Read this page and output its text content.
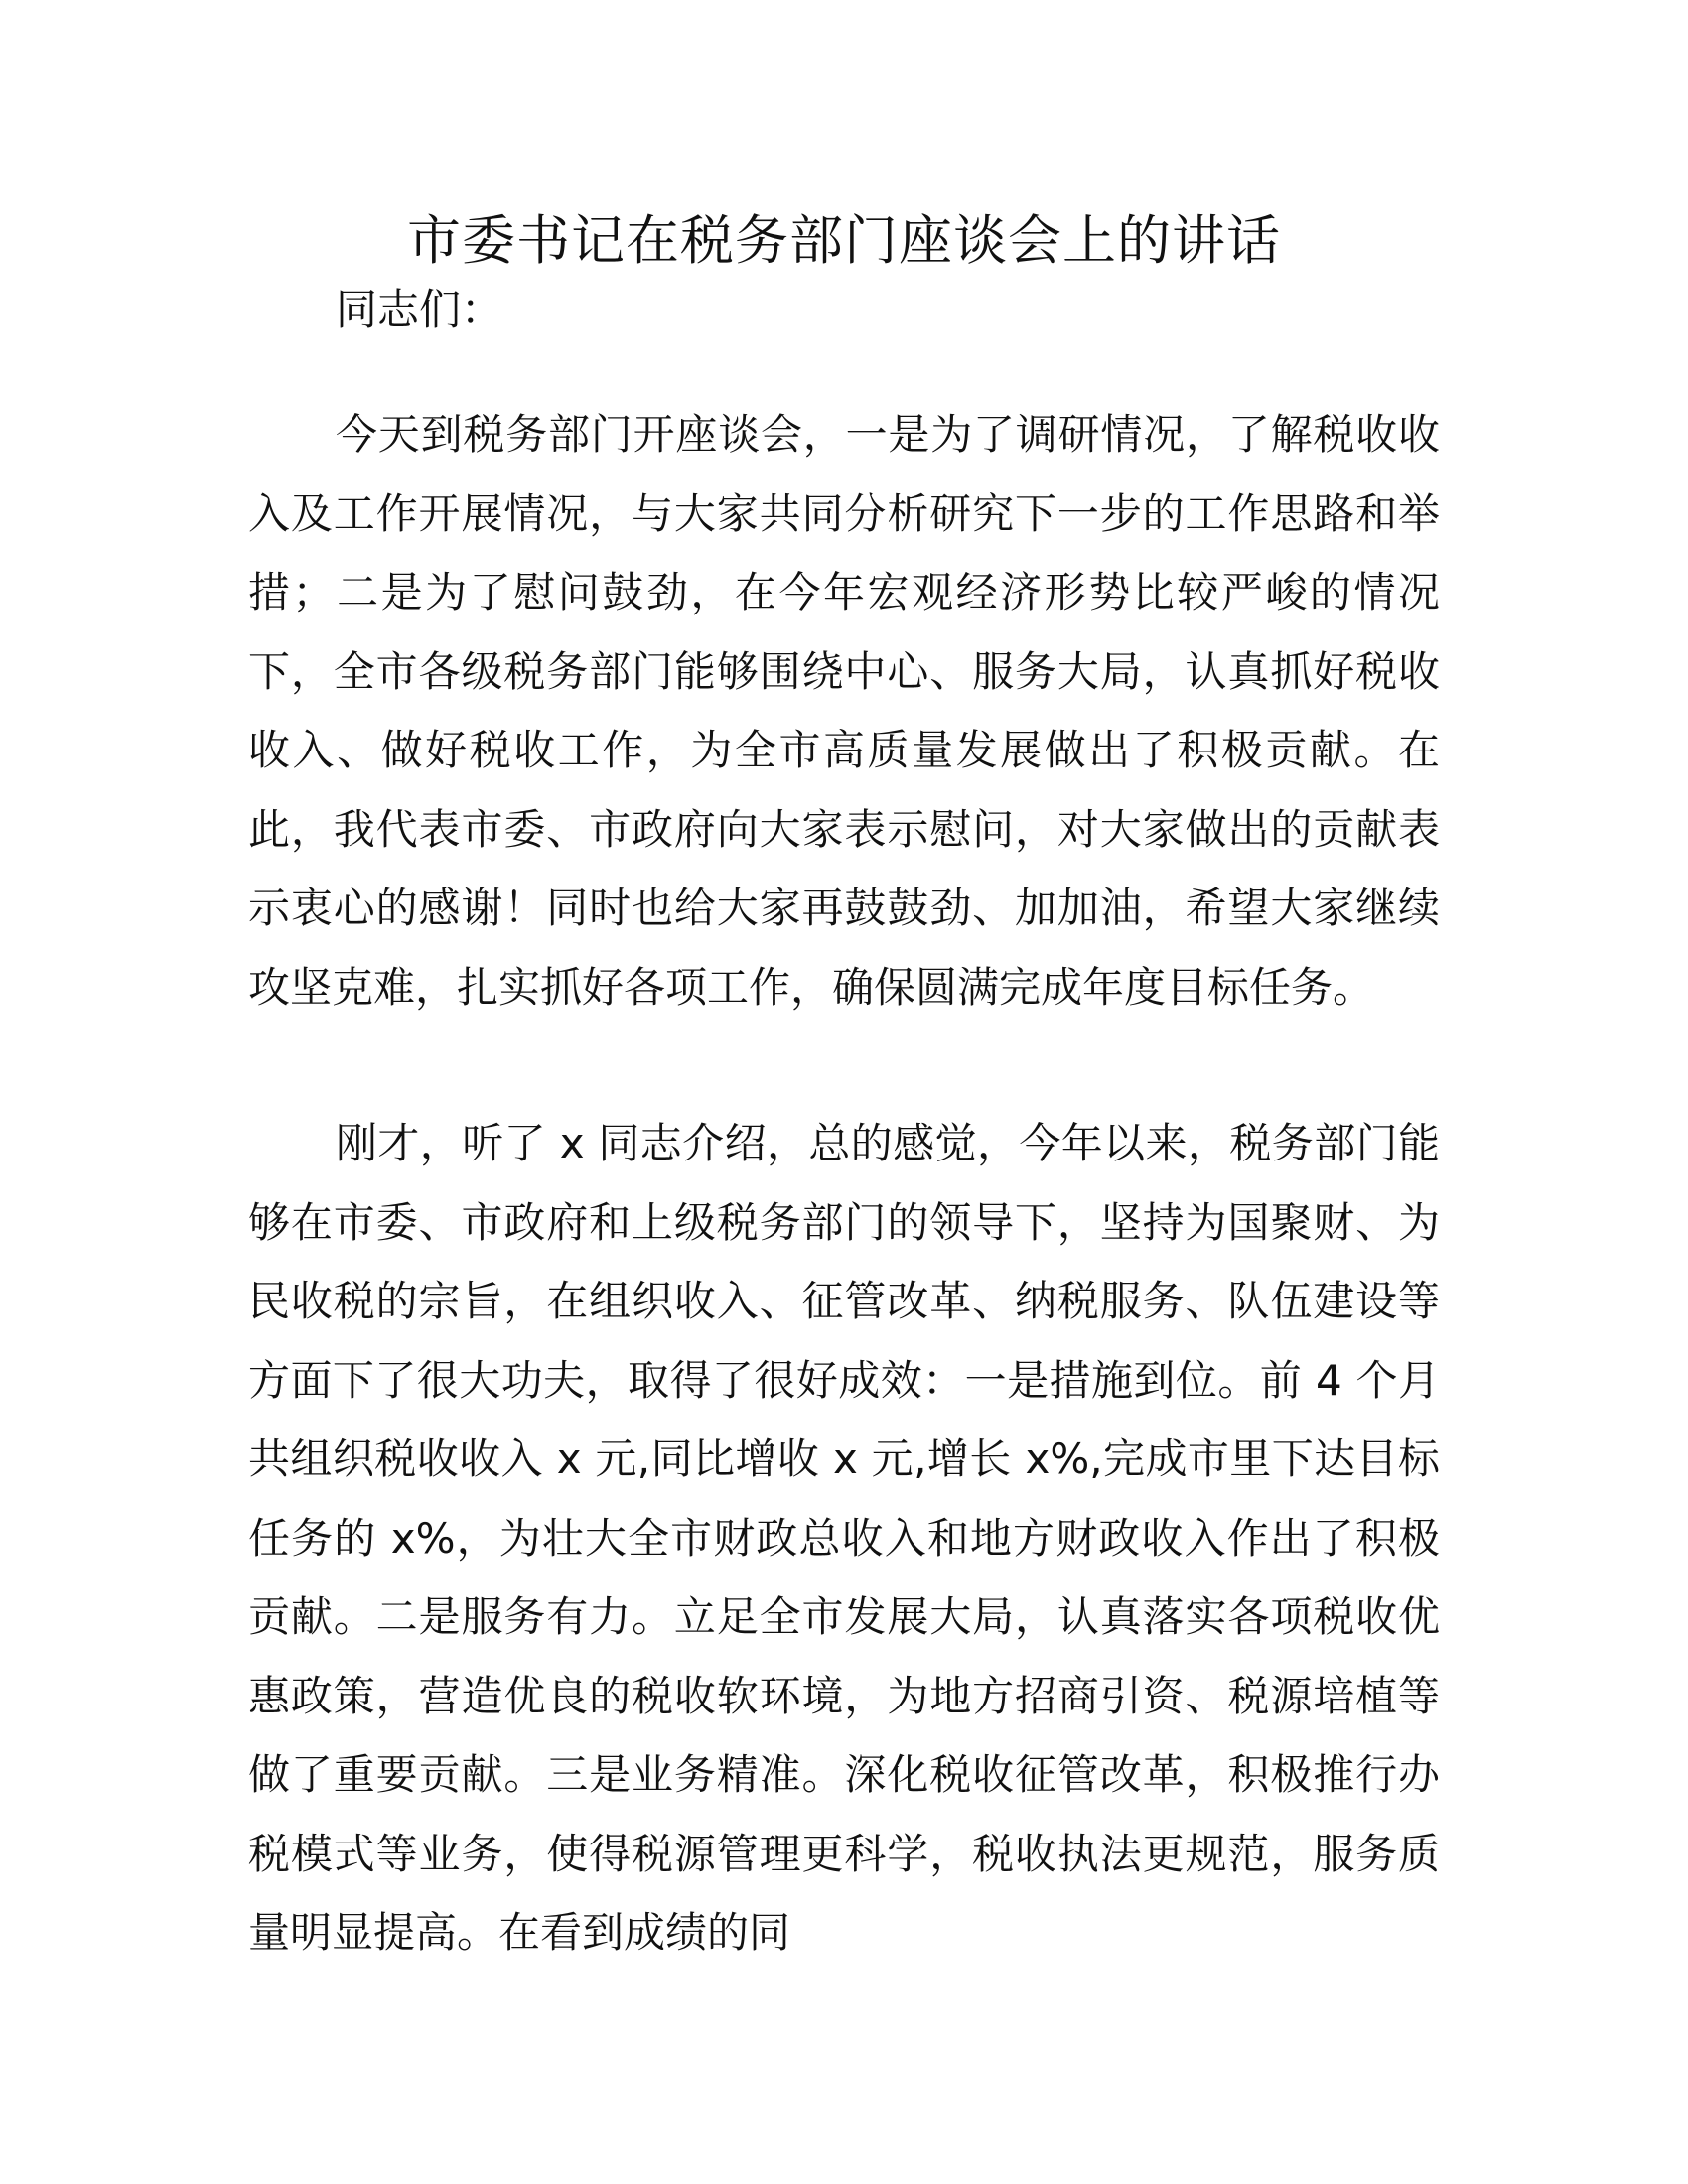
市委书记在税务部门座谈会上的讲话

同志们：

今天到税务部门开座谈会，一是为了调研情况，了解税收收入及工作开展情况，与大家共同分析研究下一步的工作思路和举措；二是为了慰问鼓劲，在今年宏观经济形势比较严峻的情况下，全市各级税务部门能够围绕中心、服务大局，认真抓好税收收入、做好税收工作，为全市高质量发展做出了积极贡献。在此，我代表市委、市政府向大家表示慰问，对大家做出的贡献表示衷心的感谢！同时也给大家再鼓鼓劲、加加油，希望大家继续攻坚克难，扎实抓好各项工作，确保圆满完成年度目标任务。

刚才，听了 x 同志介绍，总的感觉，今年以来，税务部门能够在市委、市政府和上级税务部门的领导下，坚持为国聚财、为民收税的宗旨，在组织收入、征管改革、纳税服务、队伍建设等方面下了很大功夫，取得了很好成效：一是措施到位。前 4 个月共组织税收收入 x 元,同比增收 x 元,增长 x%,完成市里下达目标任务的 x%，为壮大全市财政总收入和地方财政收入作出了积极贡献。二是服务有力。立足全市发展大局，认真落实各项税收优惠政策，营造优良的税收软环境，为地方招商引资、税源培植等做了重要贡献。三是业务精准。深化税收征管改革，积极推行办税模式等业务，使得税源管理更科学，税收执法更规范，服务质量明显提高。在看到成绩的同
